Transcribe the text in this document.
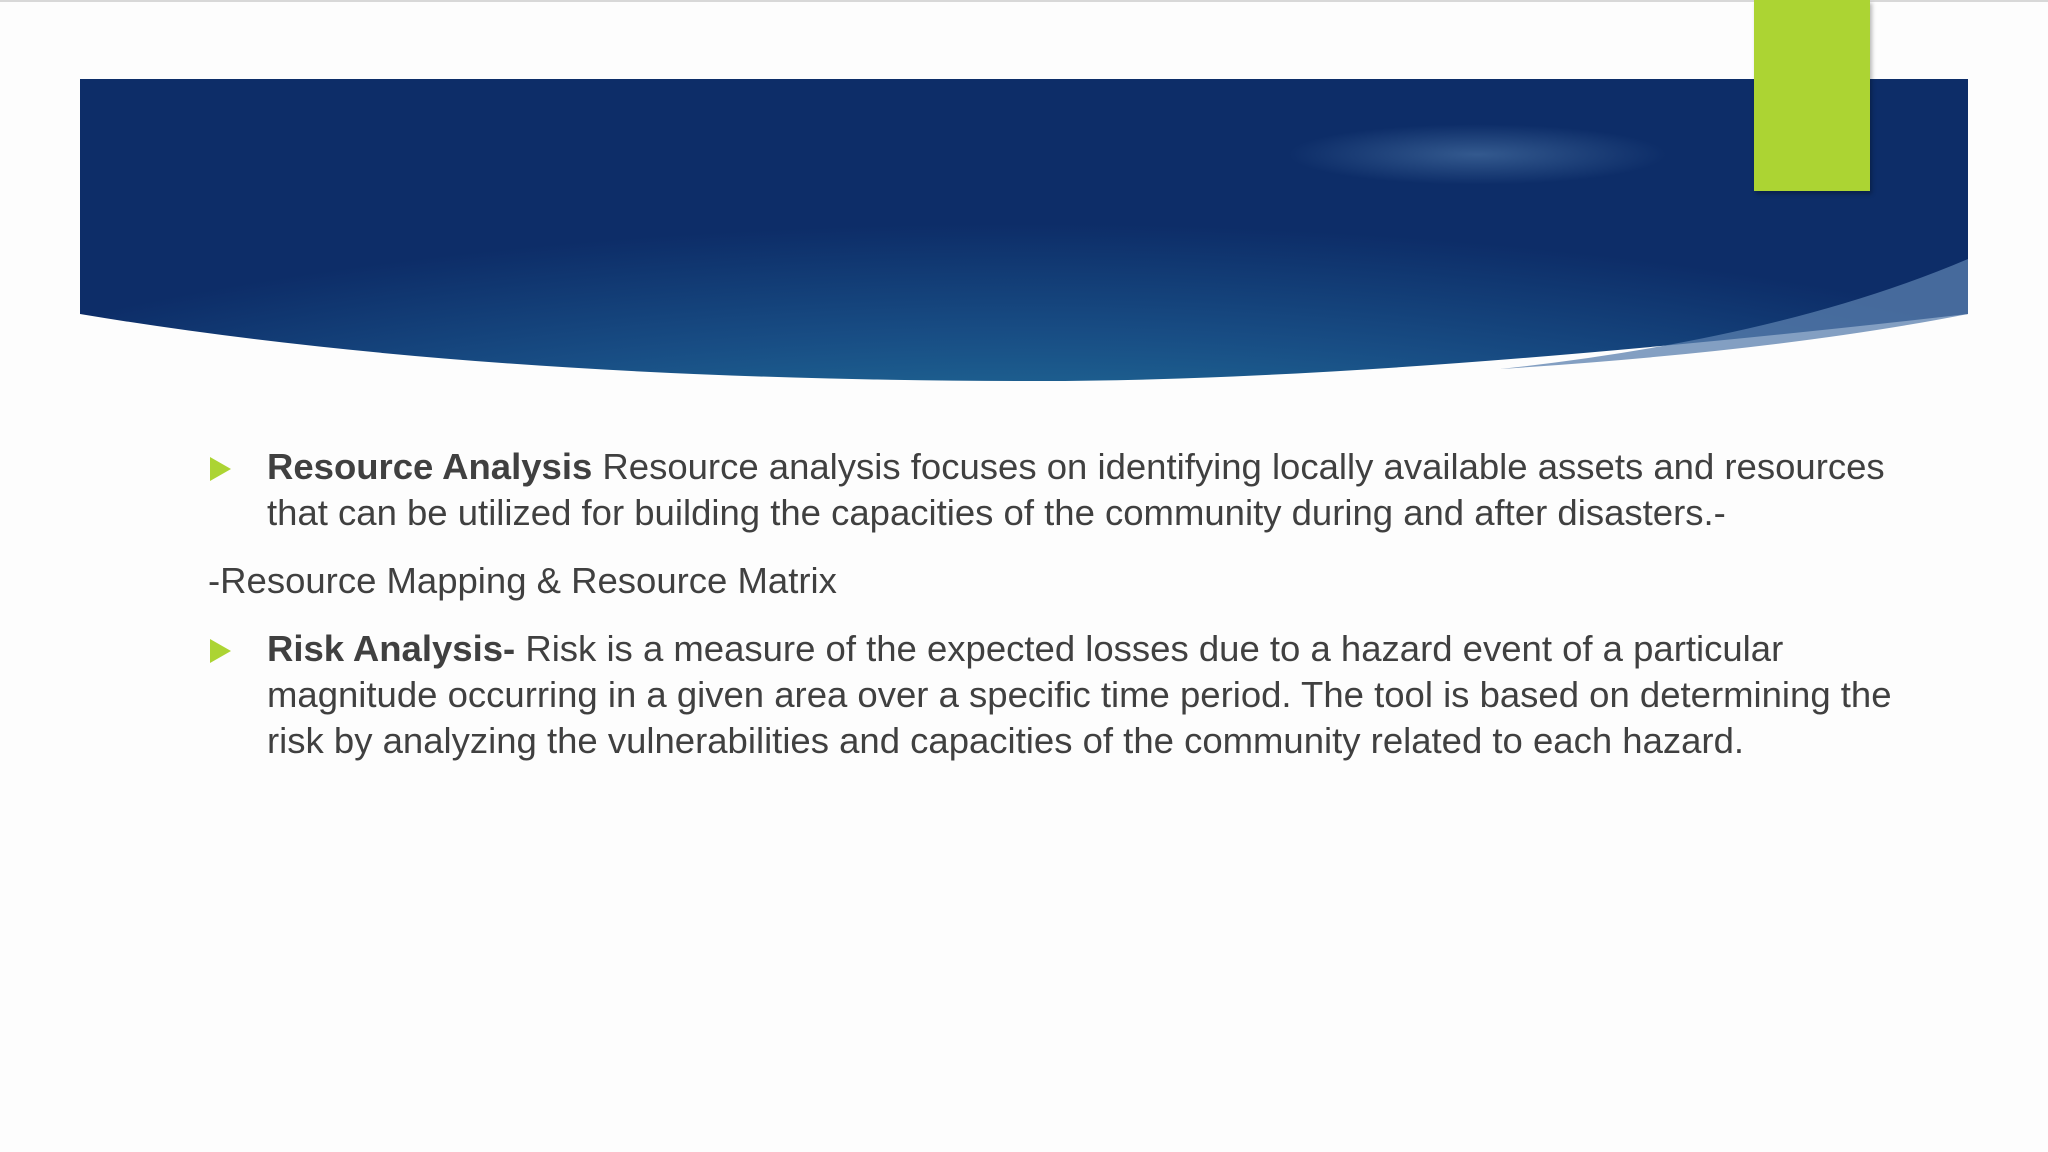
Resource Analysis Resource analysis focuses on identifying locally available assets and resources that can be utilized for building the capacities of the community during and after disasters.-
-Resource Mapping & Resource Matrix
Risk Analysis- Risk is a measure of the expected losses due to a hazard event of a particular magnitude occurring in a given area over a specific time period. The tool is based on determining the risk by analyzing the vulnerabilities and capacities of the community related to each hazard.
